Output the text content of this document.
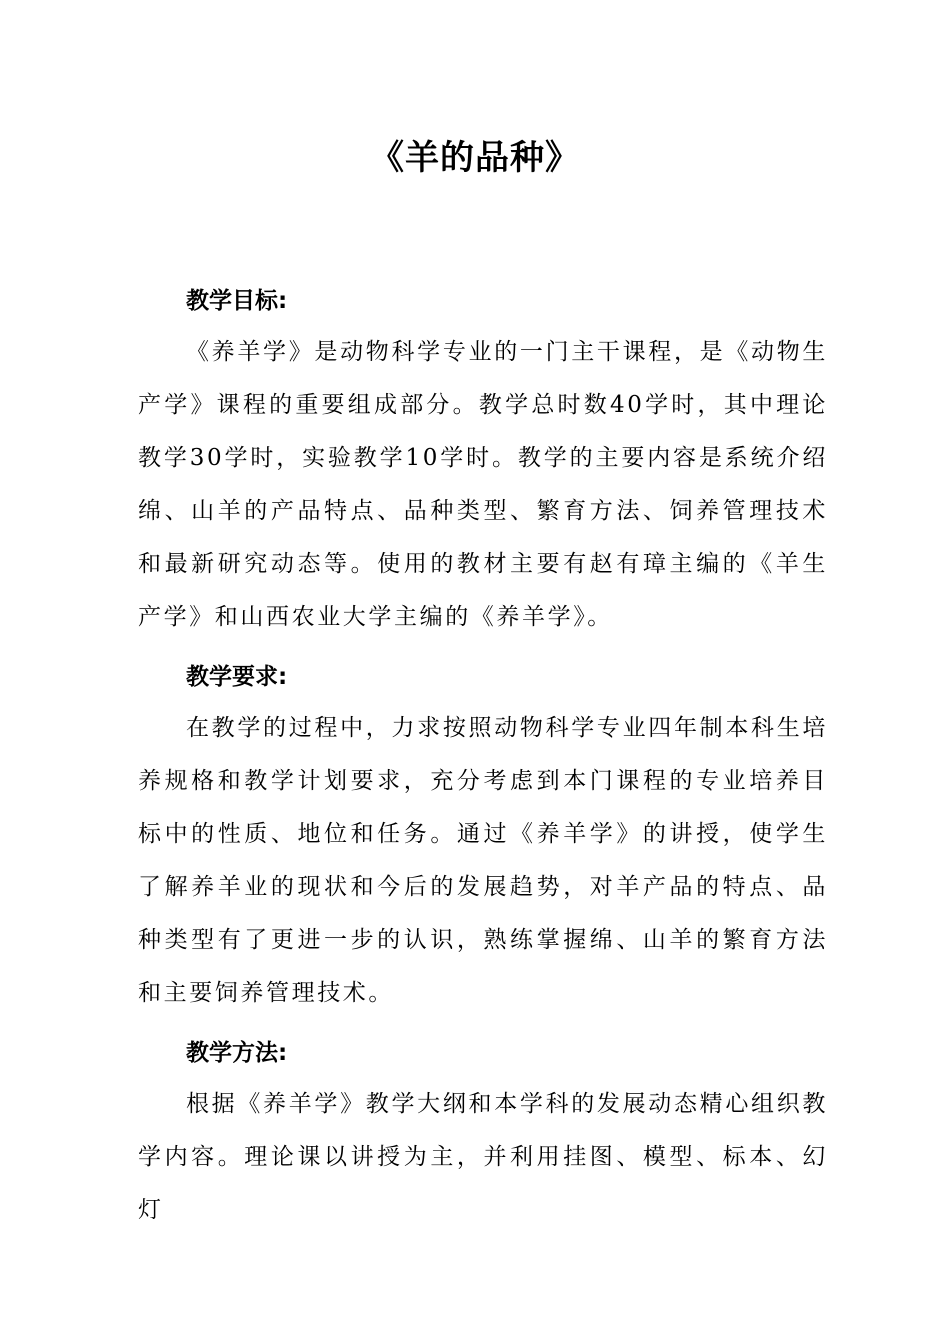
《羊的品种》

教学目标:

《养羊学》是动物科学专业的一门主干课程，是《动物生产学》课程的重要组成部分。教学总时数40学时，其中理论教学30学时，实验教学10学时。教学的主要内容是系统介绍绵、山羊的产品特点、品种类型、繁育方法、饲养管理技术和最新研究动态等。使用的教材主要有赵有璋主编的《羊生产学》和山西农业大学主编的《养羊学》。

教学要求:

在教学的过程中，力求按照动物科学专业四年制本科生培养规格和教学计划要求，充分考虑到本门课程的专业培养目标中的性质、地位和任务。通过《养羊学》的讲授，使学生了解养羊业的现状和今后的发展趋势，对羊产品的特点、品种类型有了更进一步的认识，熟练掌握绵、山羊的繁育方法和主要饲养管理技术。

教学方法:

根据《养羊学》教学大纲和本学科的发展动态精心组织教学内容。理论课以讲授为主，并利用挂图、模型、标本、幻灯
